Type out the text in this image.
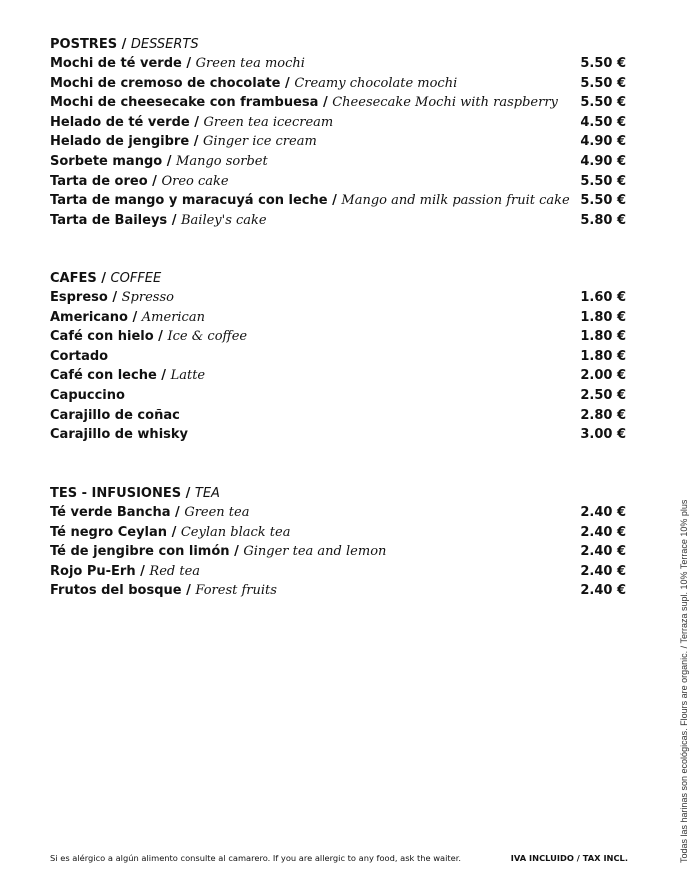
POSTRES / DESSERTS
Mochi de té verde / Green tea mochi	5.50 €
Mochi de cremoso de chocolate / Creamy chocolate mochi	5.50 €
Mochi de cheesecake con frambuesa / Cheesecake Mochi with raspberry 5.50 €
Helado de té verde / Green tea icecream	4.50 €
Helado de jengibre / Ginger ice cream	4.90 €
Sorbete mango / Mango sorbet	4.90 €
Tarta de oreo / Oreo cake	5.50 €
Tarta de mango y maracuyá con leche / Mango and milk passion fruit cake 5.50 €
Tarta de Baileys / Bailey's cake	5.80 €
CAFES / COFFEE
Espreso / Spresso	1.60 €
Americano / American	1.80 €
Café con hielo / Ice & coffee	1.80 €
Cortado	1.80 €
Café con leche / Latte	2.00 €
Capuccino	2.50 €
Carajillo de coñac	2.80 €
Carajillo de whisky	3.00 €
TES - INFUSIONES / TEA
Té verde Bancha / Green tea	2.40 €
Té negro Ceylan / Ceylan black tea	2.40 €
Té de jengibre con limón / Ginger tea and lemon	2.40 €
Rojo Pu-Erh / Red tea	2.40 €
Frutos del bosque / Forest fruits	2.40 €
Si es alérgico a algún alimento consulte al camarero. If you are allergic to any food, ask the waiter.	IVA INCLUIDO / TAX INCL.	Todas las harinas son ecológicas. Flours are organic. / Terraza supl. 10% Terrace 10% plus
